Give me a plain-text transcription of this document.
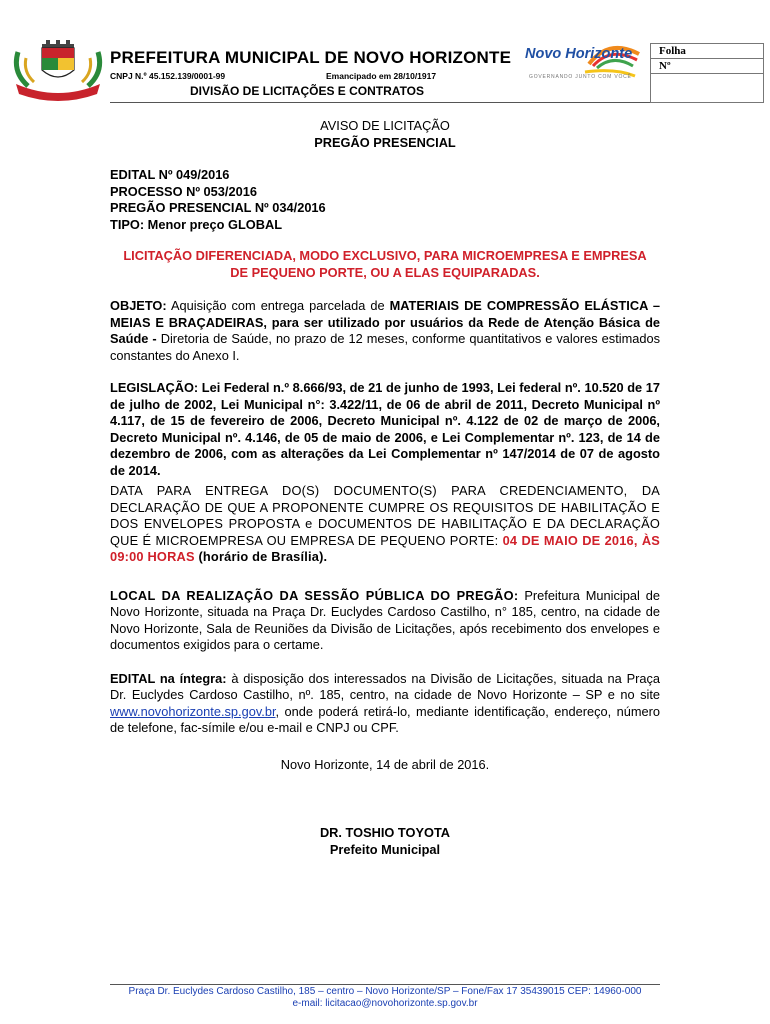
PREFEITURA MUNICIPAL DE NOVO HORIZONTE
CNPJ N.º 45.152.139/0001-99	Emancipado em 28/10/1917
DIVISÃO DE LICITAÇÕES E CONTRATOS
Novo Horizonte
GOVERNANDO JUNTO COM VOCÊ
Folha
Nº
AVISO DE LICITAÇÃO
PREGÃO PRESENCIAL
EDITAL Nº 049/2016
PROCESSO Nº 053/2016
PREGÃO PRESENCIAL Nº 034/2016
TIPO: Menor preço GLOBAL
LICITAÇÃO DIFERENCIADA, MODO EXCLUSIVO, PARA MICROEMPRESA E EMPRESA DE PEQUENO PORTE, OU A ELAS EQUIPARADAS.
OBJETO: Aquisição com entrega parcelada de MATERIAIS DE COMPRESSÃO ELÁSTICA – MEIAS E BRAÇADEIRAS, para ser utilizado por usuários da Rede de Atenção Básica de Saúde - Diretoria de Saúde, no prazo de 12 meses, conforme quantitativos e valores estimados constantes do Anexo I.
LEGISLAÇÃO: Lei Federal n.º 8.666/93, de 21 de junho de 1993, Lei federal nº. 10.520 de 17 de julho de 2002, Lei Municipal n°: 3.422/11, de 06 de abril de 2011, Decreto Municipal nº 4.117, de 15 de fevereiro de 2006, Decreto Municipal nº. 4.122 de 02 de março de 2006, Decreto Municipal nº. 4.146, de 05 de maio de 2006, e Lei Complementar nº. 123, de 14 de dezembro de 2006, com as alterações da Lei Complementar nº 147/2014 de 07 de agosto de 2014.
DATA PARA ENTREGA DO(S) DOCUMENTO(S) PARA CREDENCIAMENTO, DA DECLARAÇÃO DE QUE A PROPONENTE CUMPRE OS REQUISITOS DE HABILITAÇÃO E DOS ENVELOPES PROPOSTA e DOCUMENTOS DE HABILITAÇÃO E DA DECLARAÇÃO QUE É MICROEMPRESA OU EMPRESA DE PEQUENO PORTE: 04 DE MAIO DE 2016, ÀS 09:00 HORAS (horário de Brasília).
LOCAL DA REALIZAÇÃO DA SESSÃO PÚBLICA DO PREGÃO: Prefeitura Municipal de Novo Horizonte, situada na Praça Dr. Euclydes Cardoso Castilho, n° 185, centro, na cidade de Novo Horizonte, Sala de Reuniões da Divisão de Licitações, após recebimento dos envelopes e documentos exigidos para o certame.
EDITAL na íntegra: à disposição dos interessados na Divisão de Licitações, situada na Praça Dr. Euclydes Cardoso Castilho, nº. 185, centro, na cidade de Novo Horizonte – SP e no site www.novohorizonte.sp.gov.br, onde poderá retirá-lo, mediante identificação, endereço, número de telefone, fac-símile e/ou e-mail e CNPJ ou CPF.
Novo Horizonte, 14 de abril de 2016.
DR. TOSHIO TOYOTA
Prefeito Municipal
Praça Dr. Euclydes Cardoso Castilho, 185 – centro – Novo Horizonte/SP – Fone/Fax 17 35439015 CEP: 14960-000
e-mail: licitacao@novohorizonte.sp.gov.br
